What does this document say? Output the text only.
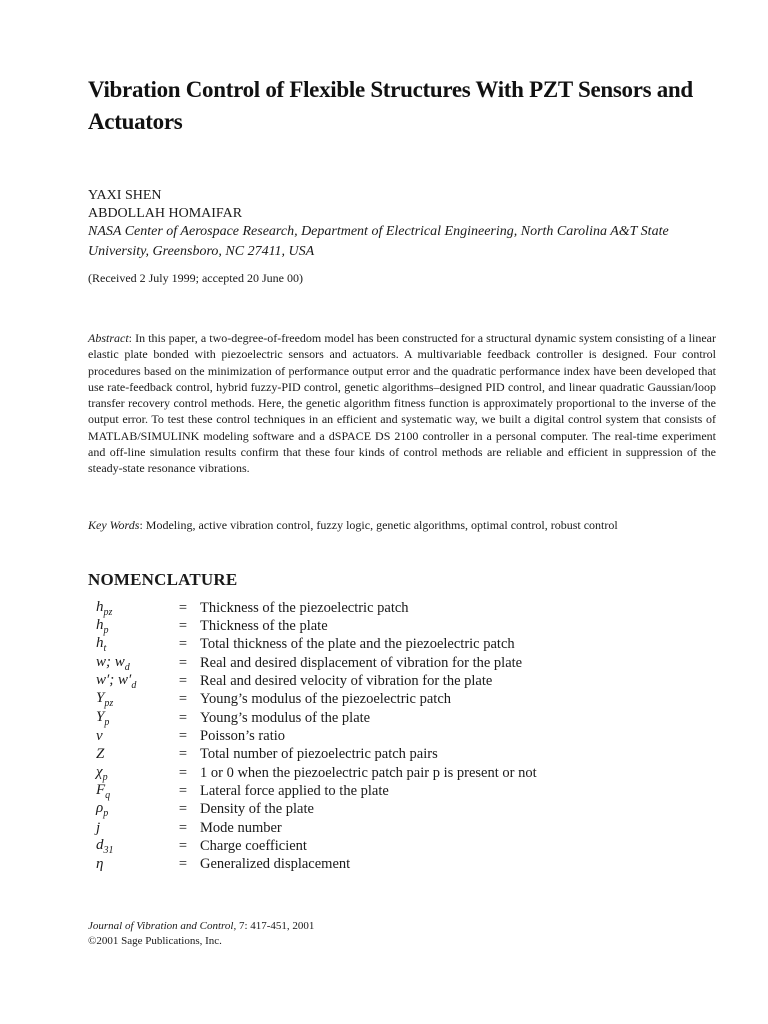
Vibration Control of Flexible Structures With PZT Sensors and Actuators
YAXI SHEN
ABDOLLAH HOMAIFAR
NASA Center of Aerospace Research, Department of Electrical Engineering, North Carolina A&T State University, Greensboro, NC 27411, USA
(Received 2 July 1999; accepted 20 June 00)

Abstract: In this paper, a two-degree-of-freedom model has been constructed for a structural dynamic system consisting of a linear elastic plate bonded with piezoelectric sensors and actuators. A multivariable feedback controller is designed. Four control procedures based on the minimization of performance output error and the quadratic performance index have been developed that use rate-feedback control, hybrid fuzzy-PID control, genetic algorithms–designed PID control, and linear quadratic Gaussian/loop transfer recovery control methods. Here, the genetic algorithm fitness function is approximately proportional to the inverse of the output error. To test these control techniques in an efficient and systematic way, we built a digital control system that consists of MATLAB/SIMULINK modeling software and a dSPACE DS 2100 controller in a personal computer. The real-time experiment and off-line simulation results confirm that these four kinds of control methods are reliable and efficient in suppression of the steady-state resonance vibrations.

Key Words: Modeling, active vibration control, fuzzy logic, genetic algorithms, optimal control, robust control
NOMENCLATURE
$h_{pz}$	= Thickness of the piezoelectric patch
$h_p$	= Thickness of the plate
$h_t$	= Total thickness of the plate and the piezoelectric patch
w; $w_d$	= Real and desired displacement of vibration for the plate
w′; $w'_d$	= Real and desired velocity of vibration for the plate
$Y_{pz}$	= Young’s modulus of the piezoelectric patch
$Y_p$	= Young’s modulus of the plate
ν	= Poisson’s ratio
Z	= Total number of piezoelectric patch pairs
$\chi_p$	= 1 or 0 when the piezoelectric patch pair p is present or not
$F_q$	= Lateral force applied to the plate
$\rho_p$	= Density of the plate
j	= Mode number
$d_{31}$	= Charge coefficient
η	= Generalized displacement
Journal of Vibration and Control, 7: 417-451, 2001
©2001 Sage Publications, Inc.
